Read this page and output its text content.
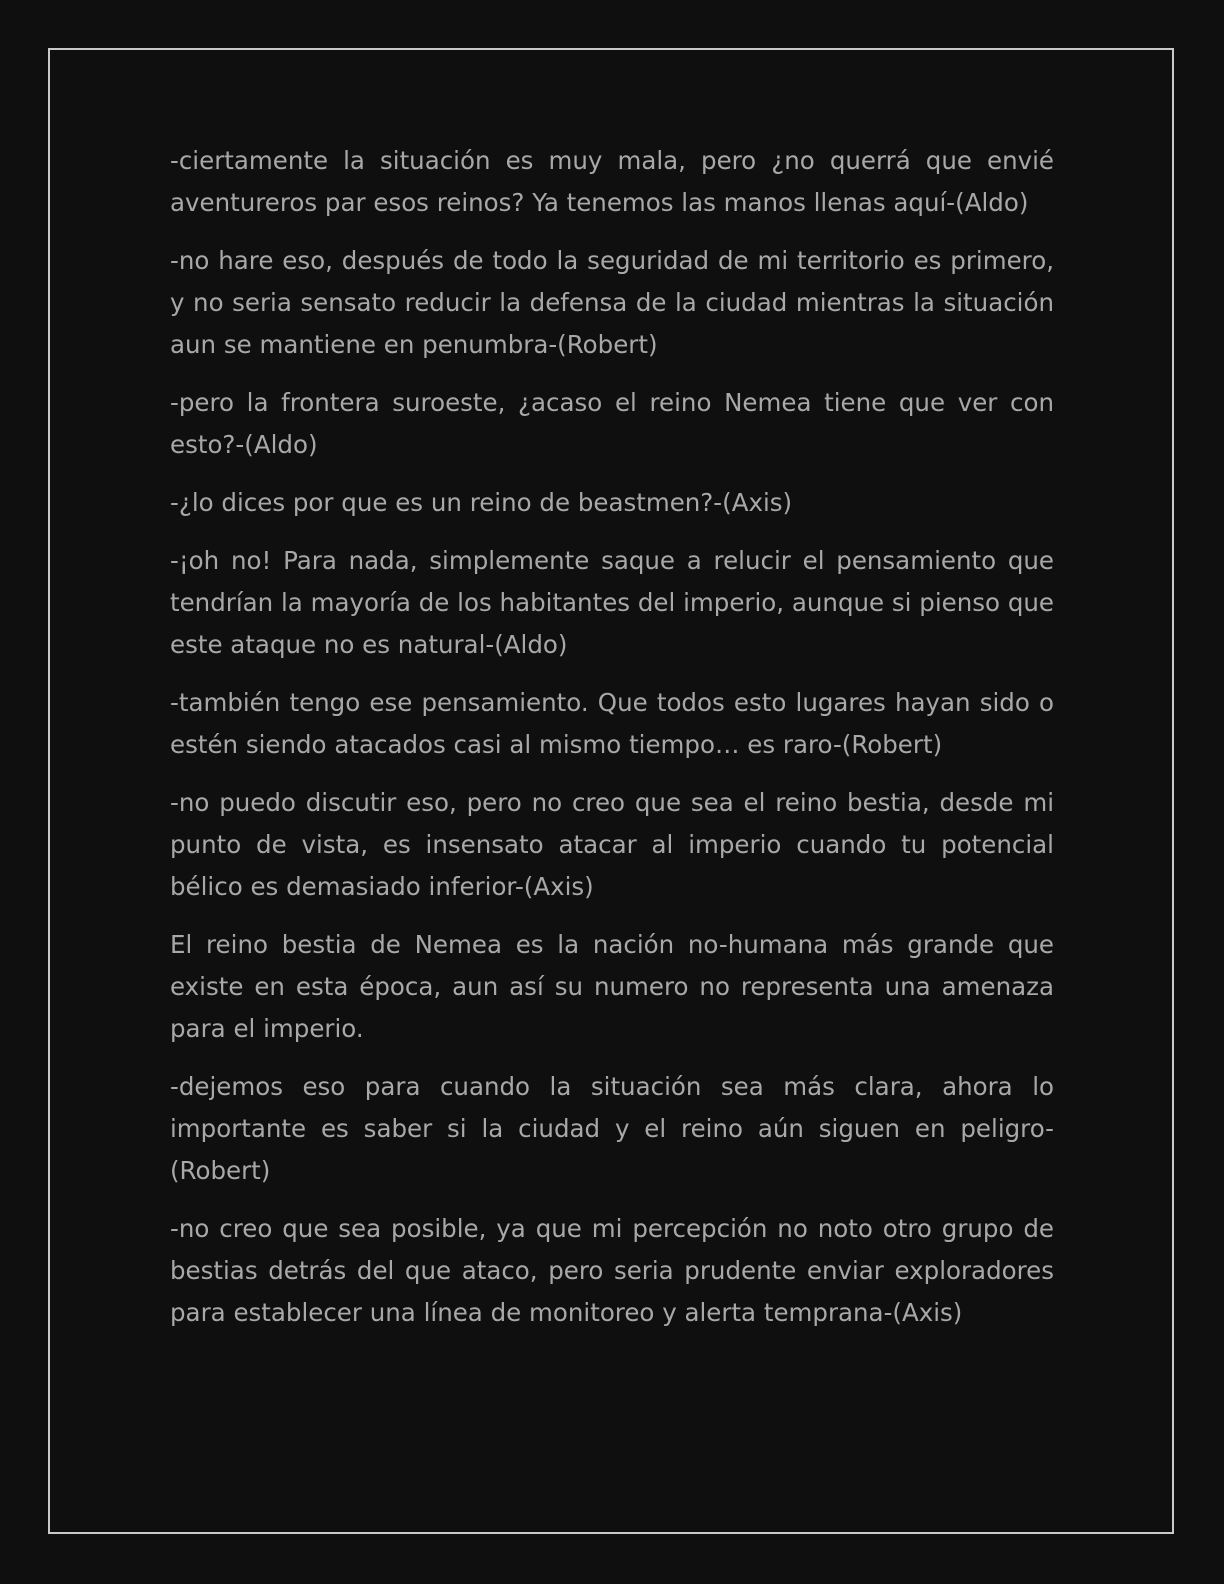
-ciertamente la situación es muy mala, pero ¿no querrá que envié aventureros par esos reinos? Ya tenemos las manos llenas aquí-(Aldo)

-no hare eso, después de todo la seguridad de mi territorio es primero, y no seria sensato reducir la defensa de la ciudad mientras la situación aun se mantiene en penumbra-(Robert)

-pero la frontera suroeste, ¿acaso el reino Nemea tiene que ver con esto?-(Aldo)

-¿lo dices por que es un reino de beastmen?-(Axis)

-¡oh no! Para nada, simplemente saque a relucir el pensamiento que tendrían la mayoría de los habitantes del imperio, aunque si pienso que este ataque no es natural-(Aldo)

-también tengo ese pensamiento. Que todos esto lugares hayan sido o estén siendo atacados casi al mismo tiempo… es raro-(Robert)

-no puedo discutir eso, pero no creo que sea el reino bestia, desde mi punto de vista, es insensato atacar al imperio cuando tu potencial bélico es demasiado inferior-(Axis)

El reino bestia de Nemea es la nación no-humana más grande que existe en esta época, aun así su numero no representa una amenaza para el imperio.

-dejemos eso para cuando la situación sea más clara, ahora lo importante es saber si la ciudad y el reino aún siguen en peligro-(Robert)

-no creo que sea posible, ya que mi percepción no noto otro grupo de bestias detrás del que ataco, pero seria prudente enviar exploradores para establecer una línea de monitoreo y alerta temprana-(Axis)
